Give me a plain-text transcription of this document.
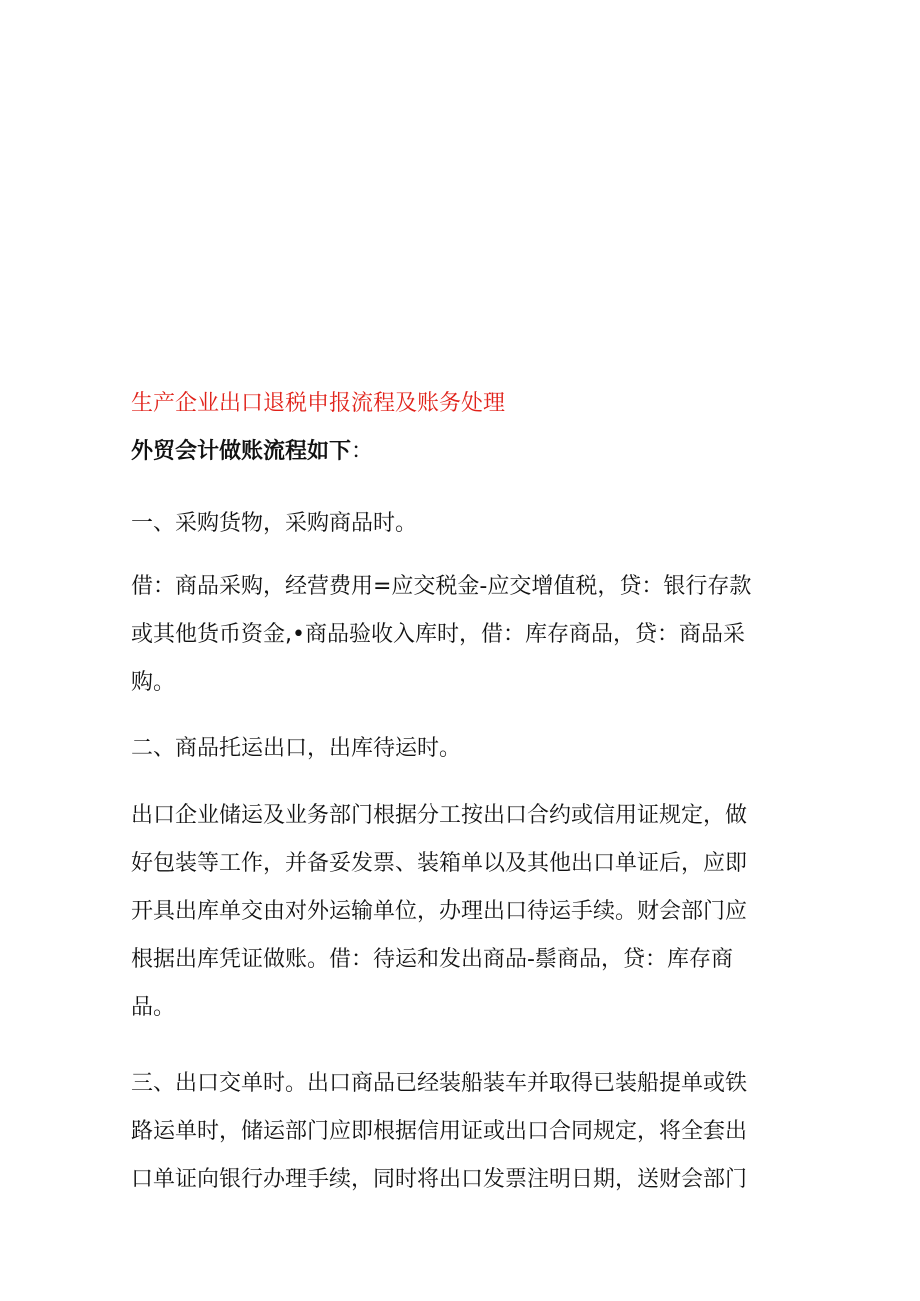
生产企业出口退税申报流程及账务处理
外贸会计做账流程如下：

一、采购货物，采购商品时。

借：商品采购，经营费用=应交税金-应交增值税，贷：银行存款
或其他货币资金,•商品验收入库时，借：库存商品，贷：商品采
购。

二、商品托运出口，出库待运时。

出口企业储运及业务部门根据分工按出口合约或信用证规定，做
好包装等工作，并备妥发票、装箱单以及其他出口单证后，应即
开具出库单交由对外运输单位，办理出口待运手续。财会部门应
根据出库凭证做账。借：待运和发出商品-鬃商品，贷：库存商
品。

三、出口交单时。出口商品已经装船装车并取得已装船提单或铁
路运单时，储运部门应即根据信用证或出口合同规定，将全套出
口单证向银行办理手续，同时将出口发票注明日期，送财会部门
